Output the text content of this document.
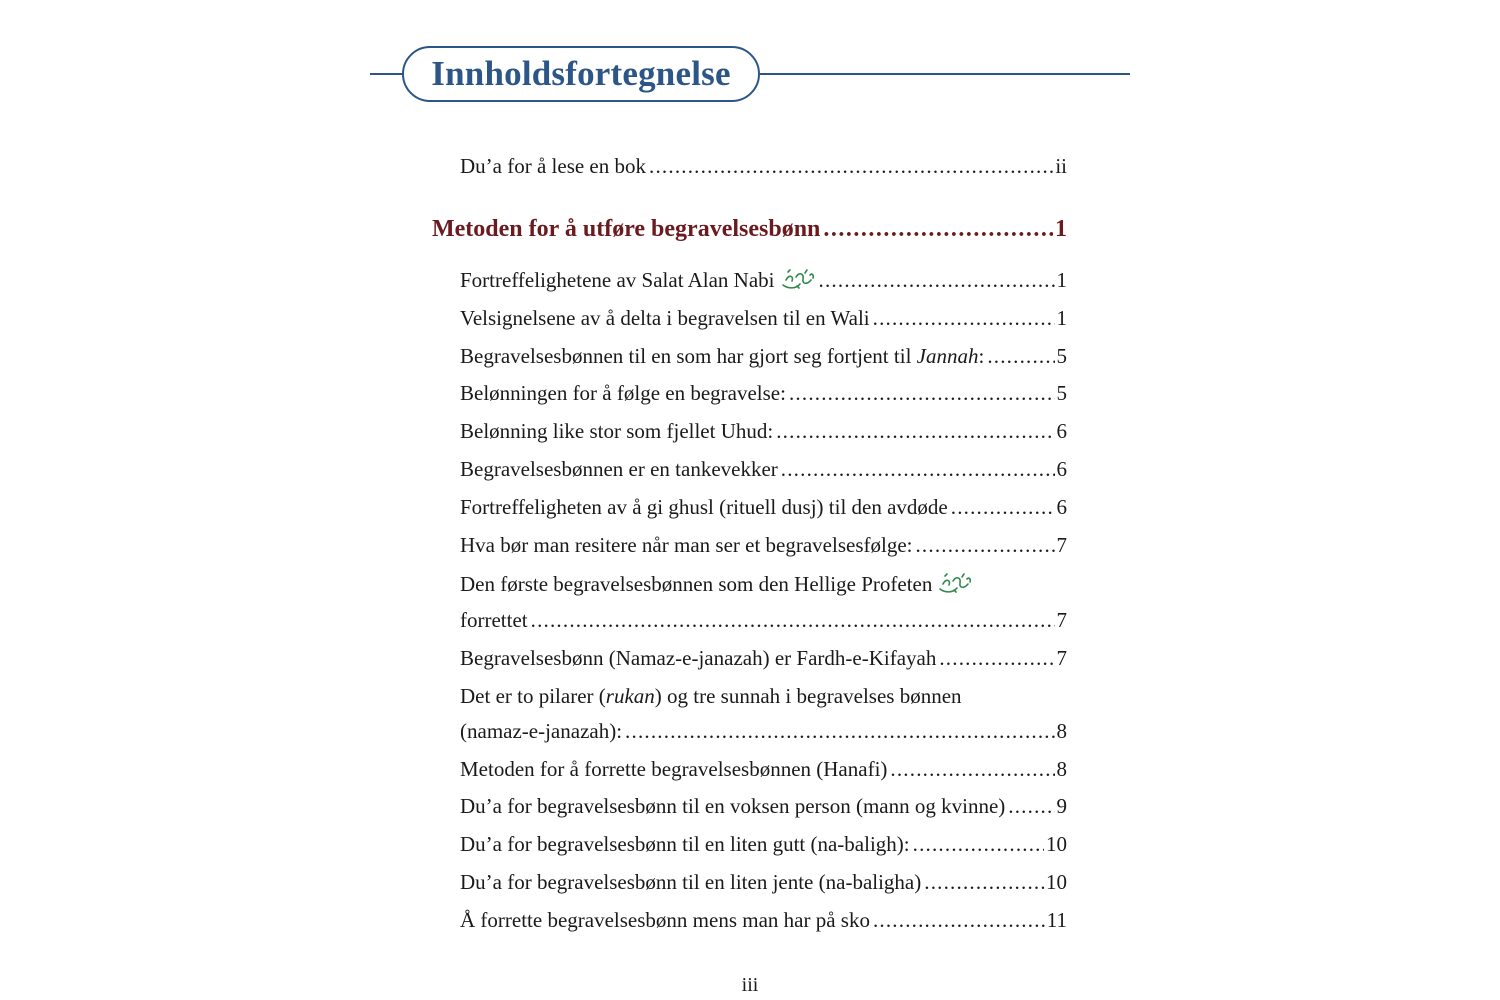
Innholdsfortegnelse
Du’a for å lese en bok .....	ii
Metoden for å utføre begravelsesbønn .....	1
Fortreffelighetene av Salat Alan Nabi .....	1
Velsignelsene av å delta i begravelsen til en Wali .....	1
Begravelsesbønnen til en som har gjort seg fortjent til Jannah: .....	5
Belønningen for å følge en begravelse: .....	5
Belønning like stor som fjellet Uhud: .....	6
Begravelsesbønnen er en tankevekker .....	6
Fortreffeligheten av å gi ghusl (rituell dusj) til den avdøde .....	6
Hva bør man resitere når man ser et begravelsesfølge: .....	7
Den første begravelsesbønnen som den Hellige Profeten
forrettet .....	7
Begravelsesbønn (Namaz-e-janazah) er Fardh-e-Kifayah .....	7
Det er to pilarer (rukan) og tre sunnah i begravelses bønnen
(namaz-e-janazah): .....	8
Metoden for å forrette begravelsesbønnen (Hanafi) .....	8
Du’a for begravelsesbønn til en voksen person (mann og kvinne) ..... 9
Du’a for begravelsesbønn til en liten gutt (na-baligh): .....	10
Du’a for begravelsesbønn til en liten jente (na-baligha) .....	10
Å forrette begravelsesbønn mens man har på sko .....	11
iii
